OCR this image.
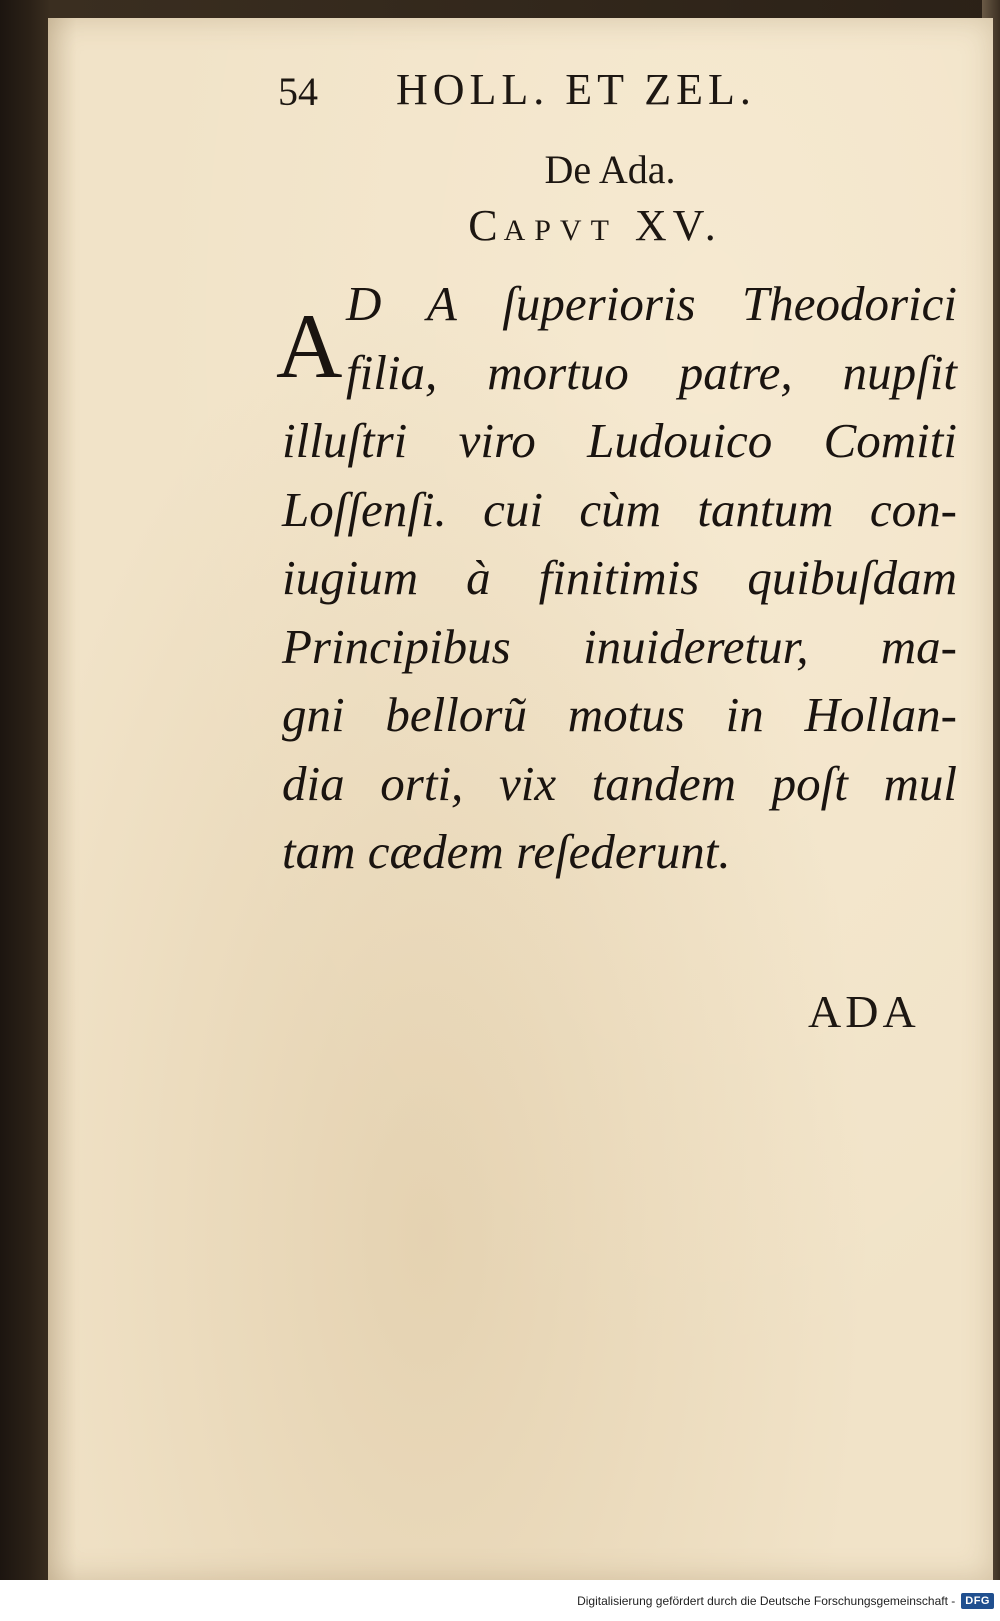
54 HOLL. ET ZEL.
De Ada.
CAPVT XV.
A D A ſuperioris Theodorici
filia, mortuo patre, nupſit
illuſtri viro Ludouico Comiti
Loſſenſi. cui cùm tantum con-
iugium à finitimis quibuſdam
Principibus inuideretur, ma-
gni bellorũ motus in Hollan-
dia orti, vix tandem poſt mul
tam cædem reſederunt.
ADA
Digitalisierung gefördert durch die Deutsche Forschungsgemeinschaft - DFG
